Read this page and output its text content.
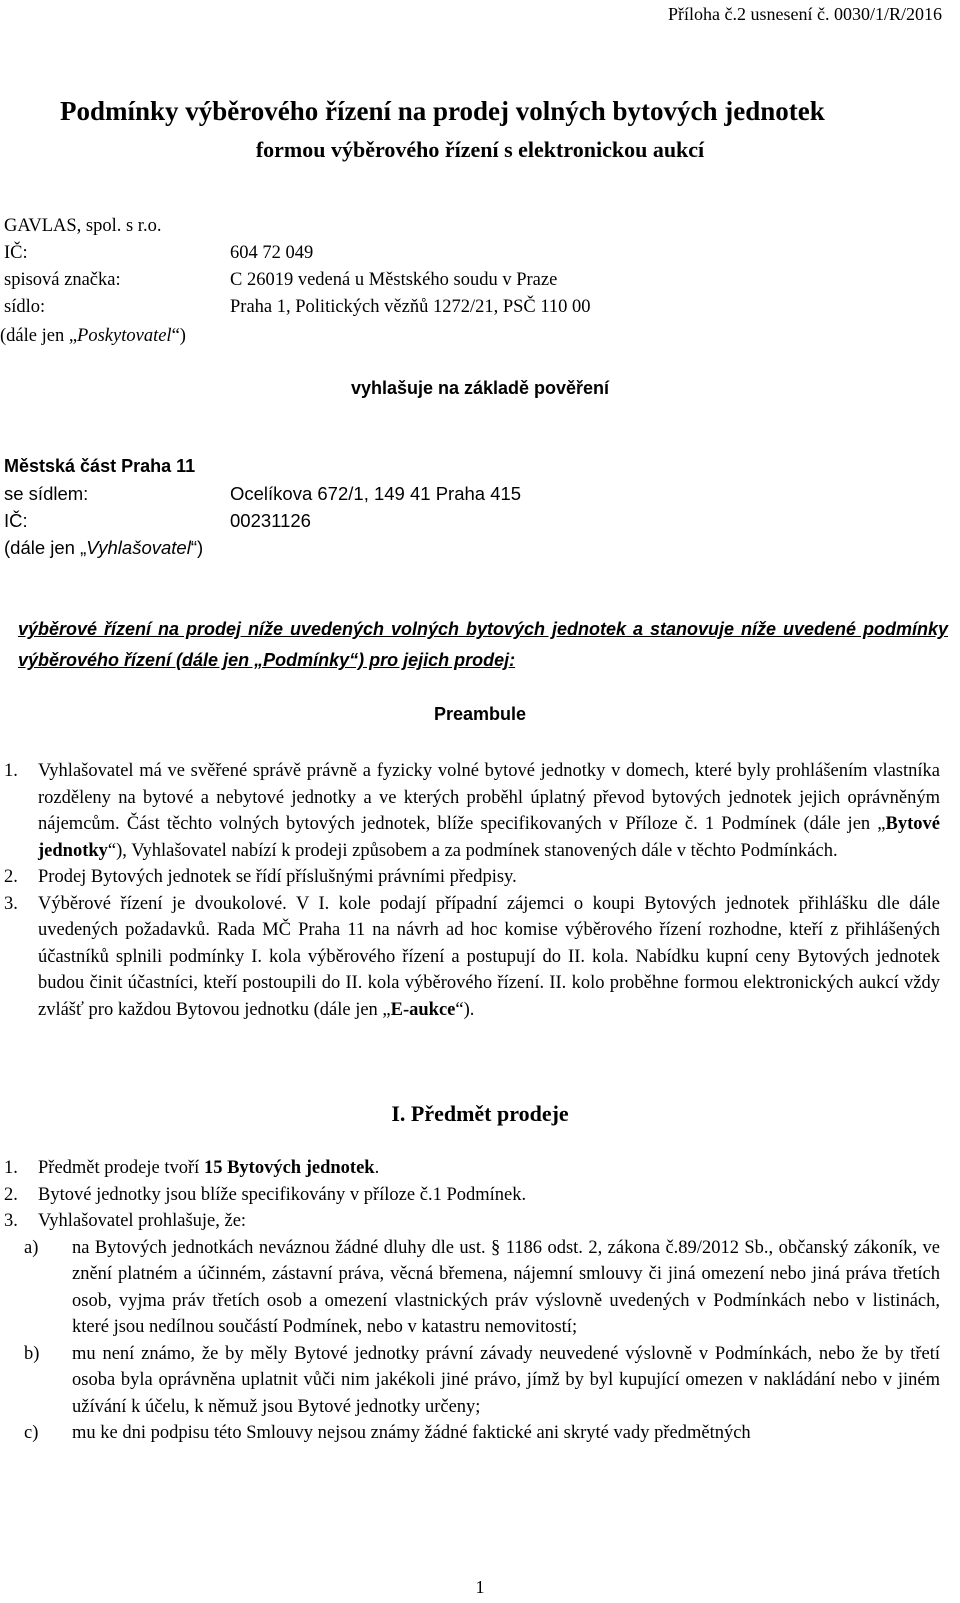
Příloha č.2 usnesení č. 0030/1/R/2016
Podmínky výběrového řízení na prodej volných bytových jednotek
formou výběrového řízení s elektronickou aukcí
GAVLAS, spol. s r.o.
IČ:	604 72 049
spisová značka:	C 26019 vedená u Městského soudu v Praze
sídlo:	Praha 1, Politických vězňů 1272/21, PSČ 110 00
(dále jen „Poskytovatel“)
vyhlašuje na základě pověření
Městská část Praha 11
se sídlem:	Ocelíkova 672/1, 149 41 Praha 415
IČ:	00231126
(dále jen „Vyhlašovatel“)
výběrové řízení na prodej níže uvedených volných bytových jednotek a stanovuje níže uvedené podmínky výběrového řízení (dále jen „Podmínky“) pro jejich prodej:
Preambule
1. Vyhlašovatel má ve svěřené správě právně a fyzicky volné bytové jednotky v domech, které byly prohlášením vlastníka rozděleny na bytové a nebytové jednotky a ve kterých proběhl úplatný převod bytových jednotek jejich oprávněným nájemcům. Část těchto volných bytových jednotek, blíže specifikovaných v Příloze č. 1 Podmínek (dále jen „Bytové jednotky“), Vyhlašovatel nabízí k prodeji způsobem a za podmínek stanovených dále v těchto Podmínkách.
2. Prodej Bytových jednotek se řídí příslušnými právními předpisy.
3. Výběrové řízení je dvoukolové. V I. kole podají případní zájemci o koupi Bytových jednotek přihlášku dle dále uvedených požadavků. Rada MČ Praha 11 na návrh ad hoc komise výběrového řízení rozhodne, kteří z přihlášených účastníků splnili podmínky I. kola výběrového řízení a postupují do II. kola. Nabídku kupní ceny Bytových jednotek budou činit účastníci, kteří postoupili do II. kola výběrového řízení. II. kolo proběhne formou elektronických aukcí vždy zvlášť pro každou Bytovou jednotku (dále jen „E-aukce“).
I. Předmět prodeje
1. Předmět prodeje tvoří 15 Bytových jednotek.
2. Bytové jednotky jsou blíže specifikovány v příloze č.1 Podmínek.
3. Vyhlašovatel prohlašuje, že:
a) na Bytových jednotkách neváznou žádné dluhy dle ust. § 1186 odst. 2, zákona č.89/2012 Sb., občanský zákoník, ve znění platném a účinném, zástavní práva, věcná břemena, nájemní smlouvy či jiná omezení nebo jiná práva třetích osob, vyjma práv třetích osob a omezení vlastnických práv výslovně uvedených v Podmínkách nebo v listinách, které jsou nedílnou součástí Podmínek, nebo v katastru nemovitostí;
b) mu není známo, že by měly Bytové jednotky právní závady neuvedené výslovně v Podmínkách, nebo že by třetí osoba byla oprávněna uplatnit vůči nim jakékoli jiné právo, jímž by byl kupující omezen v nakládání nebo v jiném užívání k účelu, k němuž jsou Bytové jednotky určeny;
c) mu ke dni podpisu této Smlouvy nejsou známy žádné faktické ani skryté vady předmětných
1
